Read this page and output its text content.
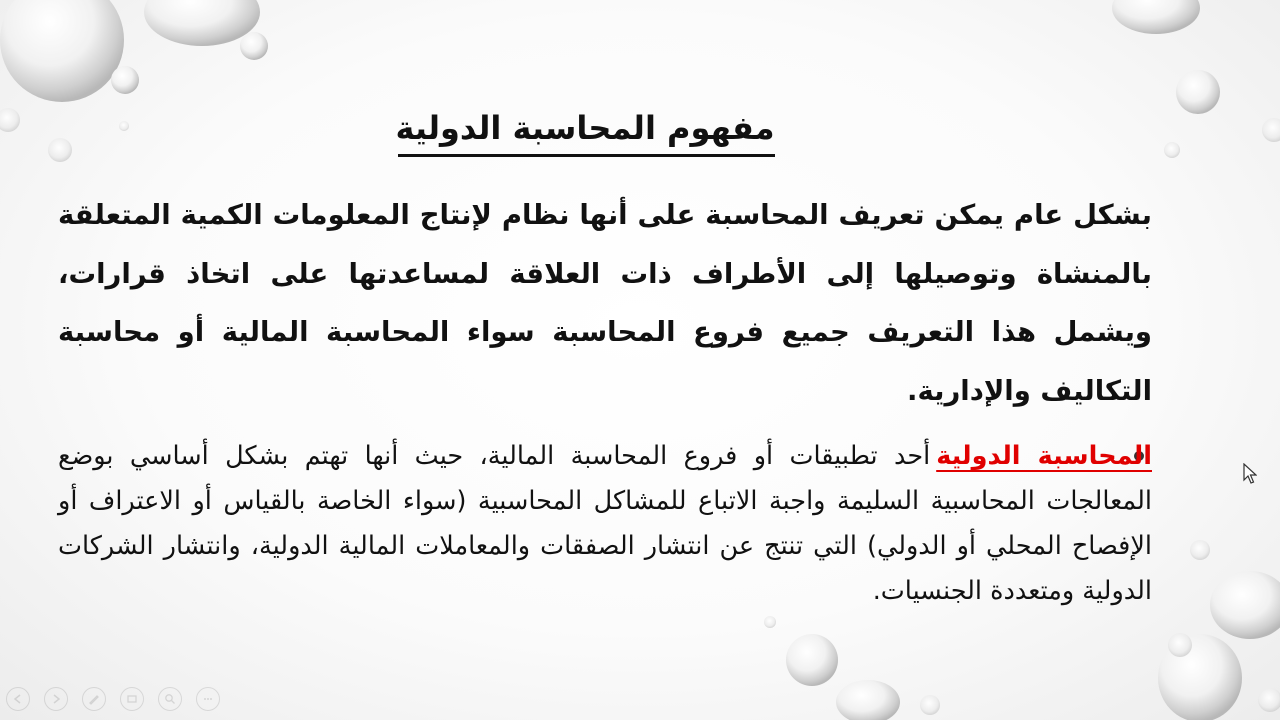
مفهوم المحاسبة الدولية
بشكل عام يمكن تعريف المحاسبة على أنها نظام لإنتاج المعلومات الكمية المتعلقة بالمنشاة وتوصيلها إلى الأطراف ذات العلاقة لمساعدتها على اتخاذ قرارات، ويشمل هذا التعريف جميع فروع المحاسبة سواء المحاسبة المالية أو محاسبة التكاليف والإدارية.
المحاسبة الدوليةأحد تطبيقات أو فروع المحاسبة المالية، حيث أنها تهتم بشكل أساسي بوضع المعالجات المحاسبية السليمة واجبة الاتباع للمشاكل المحاسبية (سواء الخاصة بالقياس أو الاعتراف أو الإفصاح المحلي أو الدولي) التي تنتج عن انتشار الصفقات والمعاملات المالية الدولية، وانتشار الشركات الدولية ومتعددة الجنسيات.
